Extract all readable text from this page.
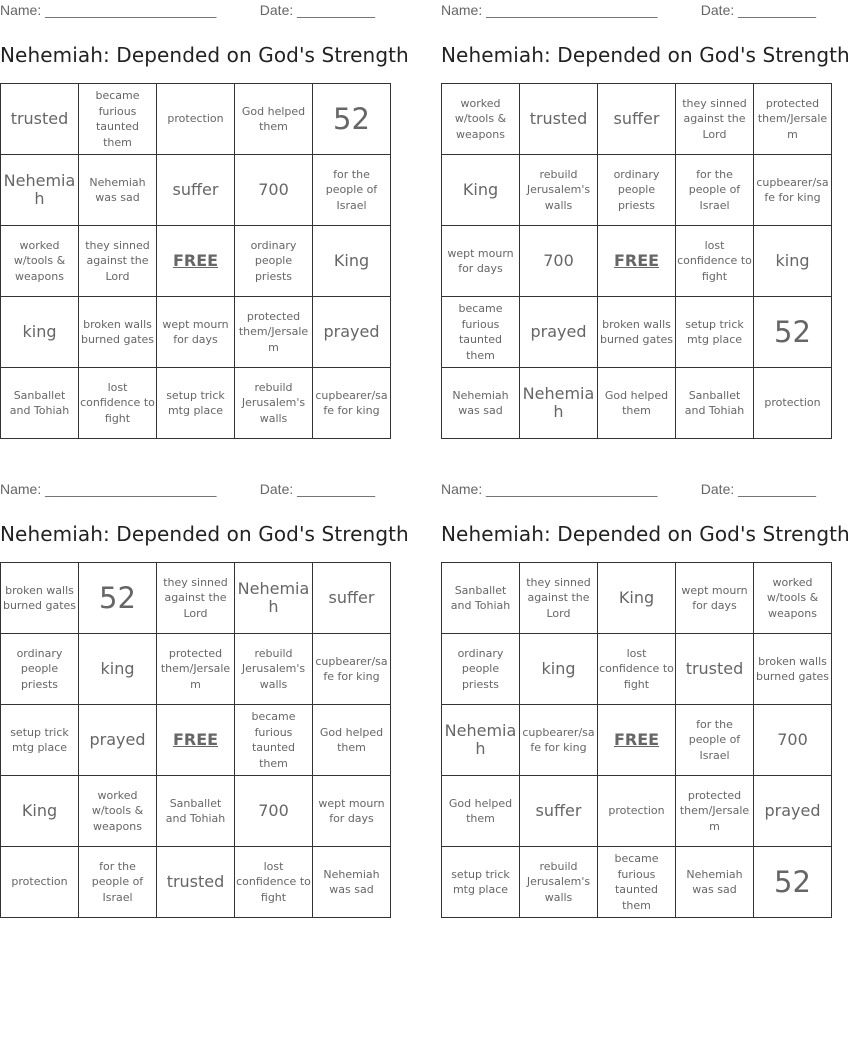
Name: ______________________	Date: __________
Nehemiah: Depended on God's Strength
trusted	became furious taunted them	protection	God helped them	52
Nehemiah	Nehemiah was sad	suffer	700	for the people of Israel
worked w/tools & weapons	they sinned against the Lord	FREE	ordinary people priests	King
king	broken walls burned gates	wept mourn for days	protected them/Jersalem	prayed
Sanballet and Tohiah	lost confidence to fight	setup trick mtg place	rebuild Jerusalem's walls	cupbearer/safe for king
Name: ______________________	Date: __________
Nehemiah: Depended on God's Strength
worked w/tools & weapons	trusted	suffer	they sinned against the Lord	protected them/Jersalem
King	rebuild Jerusalem's walls	ordinary people priests	for the people of Israel	cupbearer/safe for king
wept mourn for days	700	FREE	lost confidence to fight	king
became furious taunted them	prayed	broken walls burned gates	setup trick mtg place	52
Nehemiah was sad	Nehemiah	God helped them	Sanballet and Tohiah	protection
Name: ______________________	Date: __________
Nehemiah: Depended on God's Strength
broken walls burned gates	52	they sinned against the Lord	Nehemiah	suffer
ordinary people priests	king	protected them/Jersalem	rebuild Jerusalem's walls	cupbearer/safe for king
setup trick mtg place	prayed	FREE	became furious taunted them	God helped them
King	worked w/tools & weapons	Sanballet and Tohiah	700	wept mourn for days
protection	for the people of Israel	trusted	lost confidence to fight	Nehemiah was sad
Name: ______________________	Date: __________
Nehemiah: Depended on God's Strength
Sanballet and Tohiah	they sinned against the Lord	King	wept mourn for days	worked w/tools & weapons
ordinary people priests	king	lost confidence to fight	trusted	broken walls burned gates
Nehemiah	cupbearer/safe for king	FREE	for the people of Israel	700
God helped them	suffer	protection	protected them/Jersalem	prayed
setup trick mtg place	rebuild Jerusalem's walls	became furious taunted them	Nehemiah was sad	52
